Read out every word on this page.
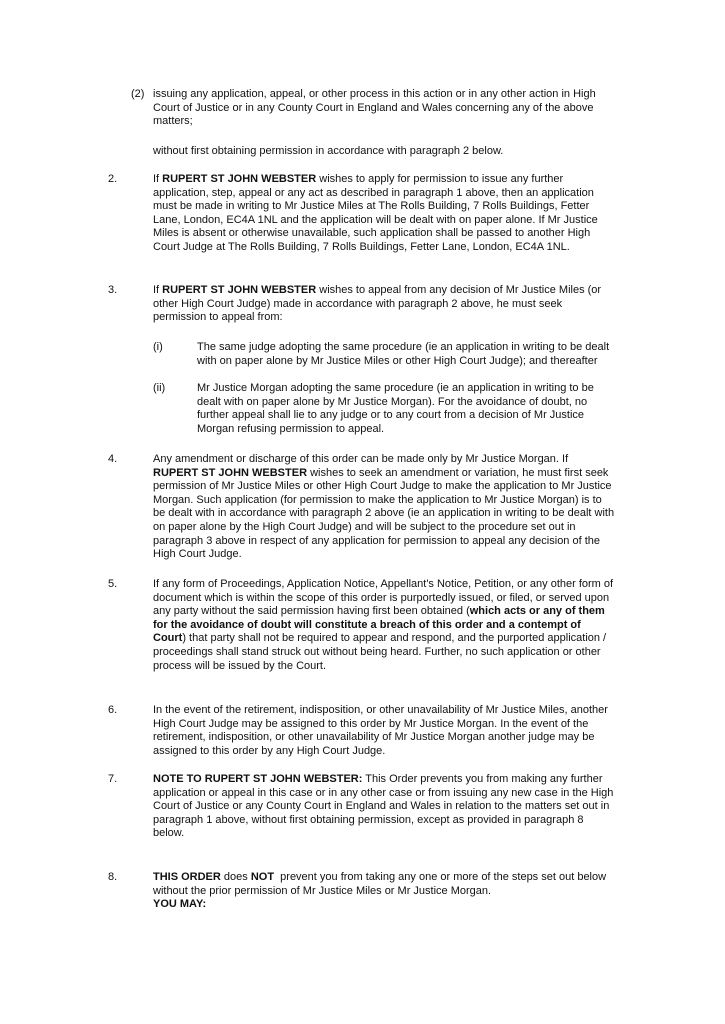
(2) issuing any application, appeal, or other process in this action or in any other action in High Court of Justice or in any County Court in England and Wales concerning any of the above matters;

without first obtaining permission in accordance with paragraph 2 below.

2.	If RUPERT ST JOHN WEBSTER wishes to apply for permission to issue any further application, step, appeal or any act as described in paragraph 1 above, then an application must be made in writing to Mr Justice Miles at The Rolls Building, 7 Rolls Buildings, Fetter Lane, London, EC4A 1NL and the application will be dealt with on paper alone. If Mr Justice Miles is absent or otherwise unavailable, such application shall be passed to another High Court Judge at The Rolls Building, 7 Rolls Buildings, Fetter Lane, London, EC4A 1NL.

3.	If RUPERT ST JOHN WEBSTER wishes to appeal from any decision of Mr Justice Miles (or other High Court Judge) made in accordance with paragraph 2 above, he must seek permission to appeal from:

(i)	The same judge adopting the same procedure (ie an application in writing to be dealt with on paper alone by Mr Justice Miles or other High Court Judge); and thereafter

(ii)	Mr Justice Morgan adopting the same procedure (ie an application in writing to be dealt with on paper alone by Mr Justice Morgan). For the avoidance of doubt, no further appeal shall lie to any judge or to any court from a decision of Mr Justice Morgan refusing permission to appeal.

4.	Any amendment or discharge of this order can be made only by Mr Justice Morgan. If RUPERT ST JOHN WEBSTER wishes to seek an amendment or variation, he must first seek permission of Mr Justice Miles or other High Court Judge to make the application to Mr Justice Morgan. Such application (for permission to make the application to Mr Justice Morgan) is to be dealt with in accordance with paragraph 2 above (ie an application in writing to be dealt with on paper alone by the High Court Judge) and will be subject to the procedure set out in paragraph 3 above in respect of any application for permission to appeal any decision of the High Court Judge.

5.	If any form of Proceedings, Application Notice, Appellant's Notice, Petition, or any other form of document which is within the scope of this order is purportedly issued, or filed, or served upon any party without the said permission having first been obtained (which acts or any of them for the avoidance of doubt will constitute a breach of this order and a contempt of Court) that party shall not be required to appear and respond, and the purported application / proceedings shall stand struck out without being heard. Further, no such application or other process will be issued by the Court.

6.	In the event of the retirement, indisposition, or other unavailability of Mr Justice Miles, another High Court Judge may be assigned to this order by Mr Justice Morgan. In the event of the retirement, indisposition, or other unavailability of Mr Justice Morgan another judge may be assigned to this order by any High Court Judge.

7.	NOTE TO RUPERT ST JOHN WEBSTER: This Order prevents you from making any further application or appeal in this case or in any other case or from issuing any new case in the High Court of Justice or any County Court in England and Wales in relation to the matters set out in paragraph 1 above, without first obtaining permission, except as provided in paragraph 8 below.

8.	THIS ORDER does NOT  prevent you from taking any one or more of the steps set out below without the prior permission of Mr Justice Miles or Mr Justice Morgan.
YOU MAY:
